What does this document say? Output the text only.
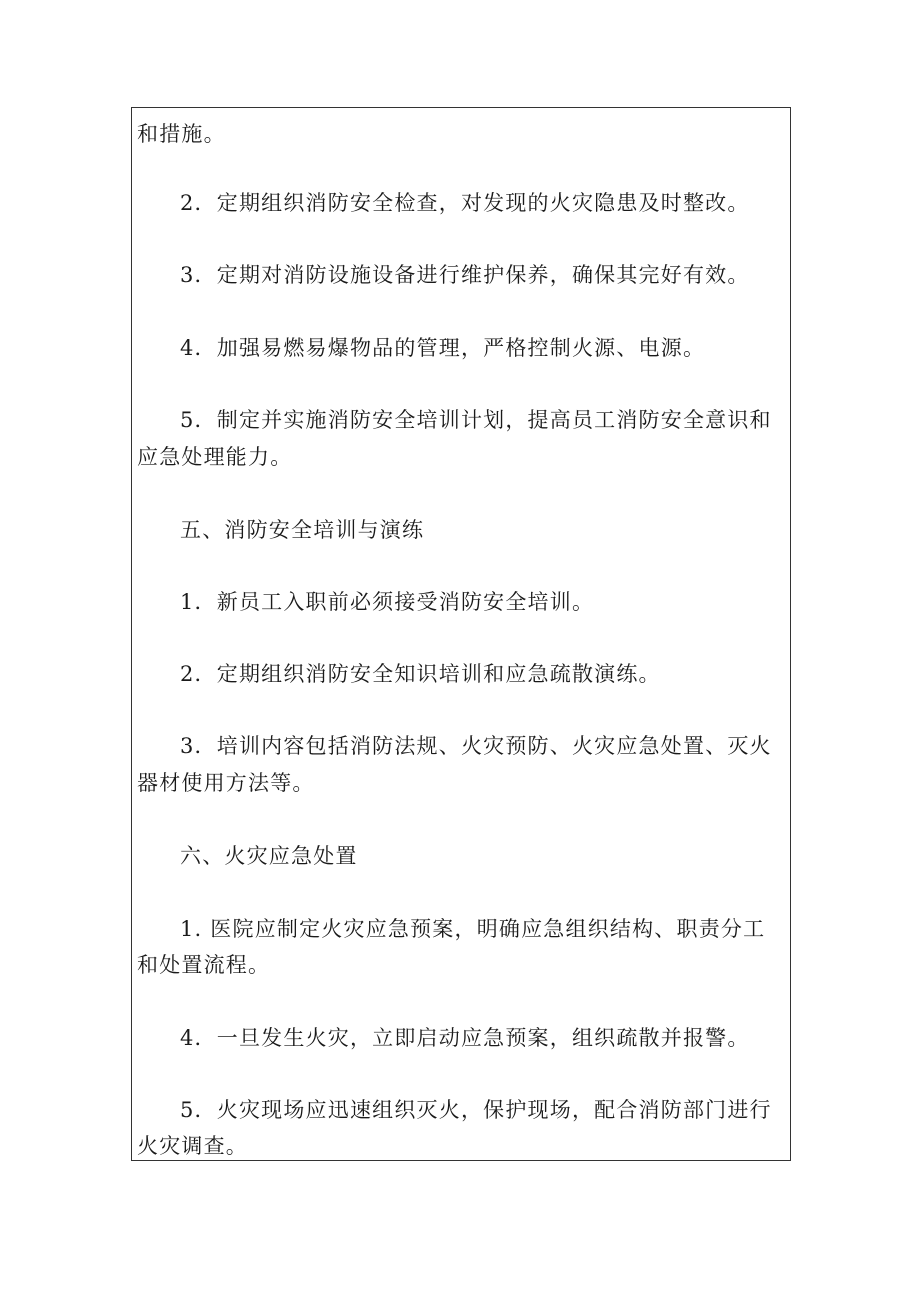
和措施。
2．定期组织消防安全检查，对发现的火灾隐患及时整改。
3．定期对消防设施设备进行维护保养，确保其完好有效。
4．加强易燃易爆物品的管理，严格控制火源、电源。
5．制定并实施消防安全培训计划，提高员工消防安全意识和
应急处理能力。
五、消防安全培训与演练
1．新员工入职前必须接受消防安全培训。
2．定期组织消防安全知识培训和应急疏散演练。
3．培训内容包括消防法规、火灾预防、火灾应急处置、灭火
器材使用方法等。
六、火灾应急处置
1. 医院应制定火灾应急预案，明确应急组织结构、职责分工
和处置流程。
4．一旦发生火灾，立即启动应急预案，组织疏散并报警。
5．火灾现场应迅速组织灭火，保护现场，配合消防部门进行
火灾调查。
